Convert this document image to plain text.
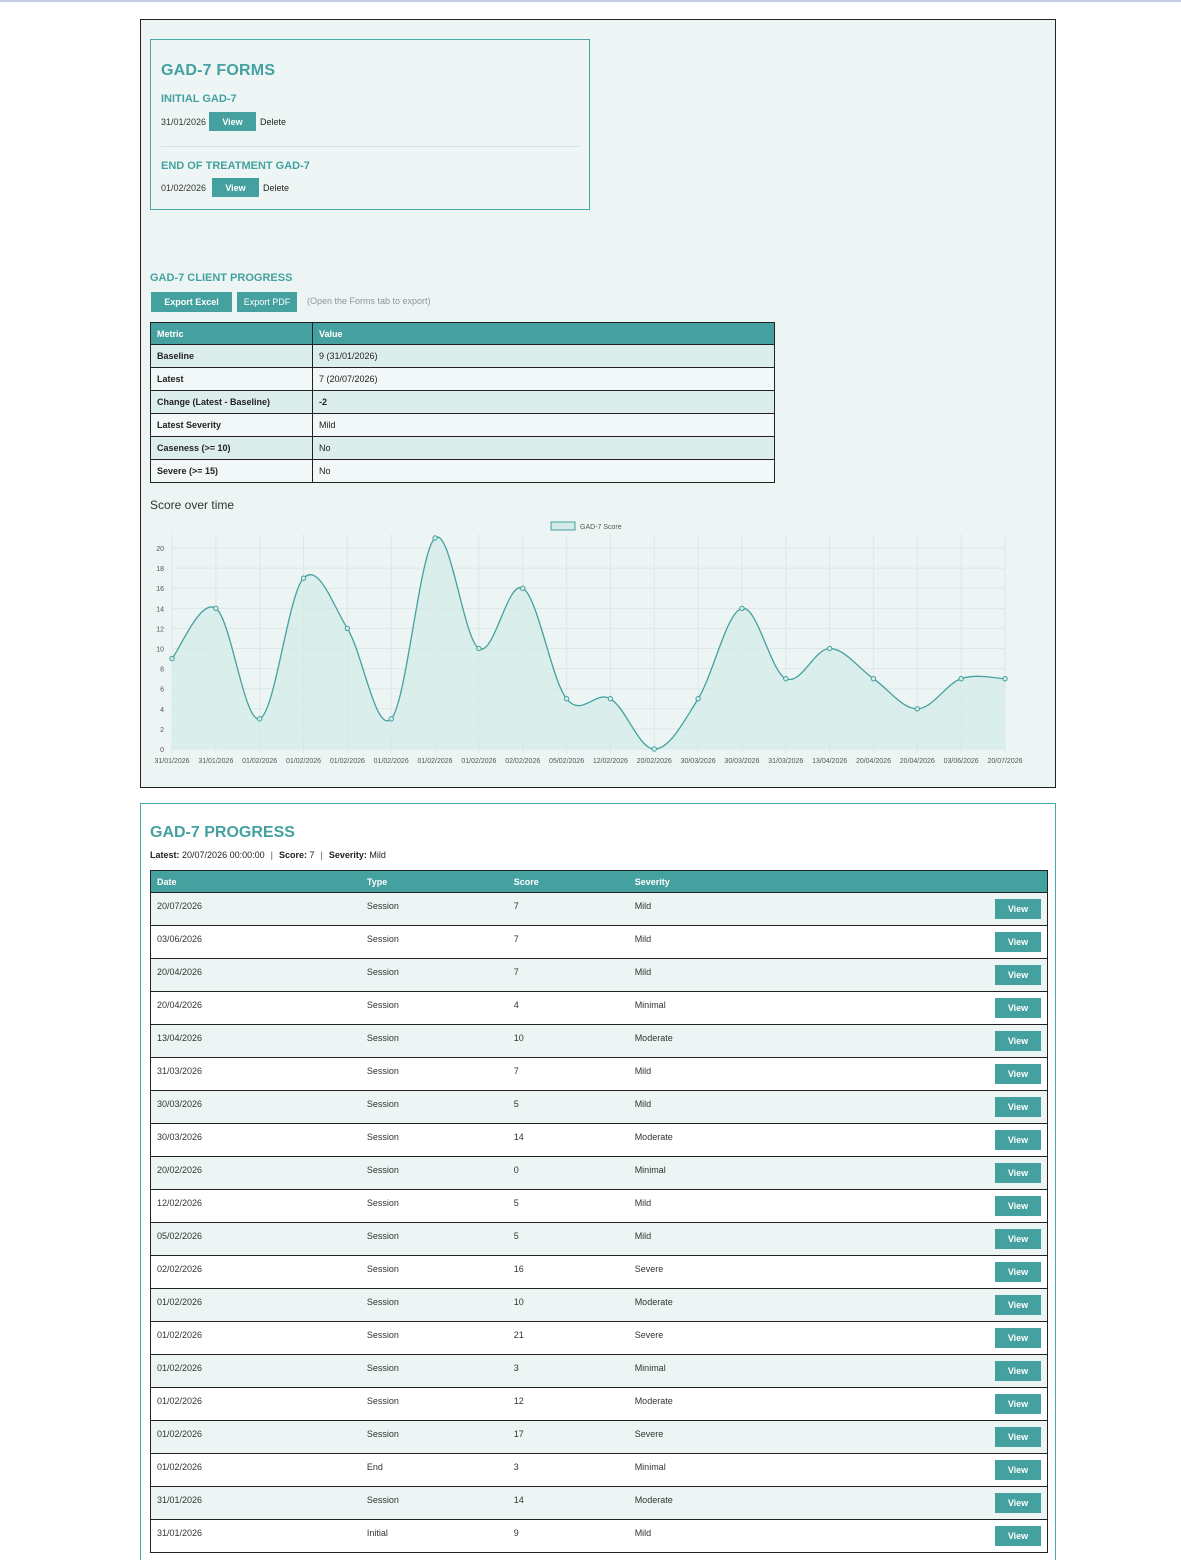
GAD-7 FORMS
INITIAL GAD-7
31/01/2026	View	Delete
END OF TREATMENT GAD-7
01/02/2026	View	Delete
GAD-7 CLIENT PROGRESS
Export Excel	Export PDF	(Open the Forms tab to export)
Metric	Value
Baseline	9 (31/01/2026)
Latest	7 (20/07/2026)
Change (Latest - Baseline)	-2
Latest Severity	Mild
Caseness (>= 10)	No
Severe (>= 15)	No
Score over time
0
2
4
6
8
10
12
14
16
18
20
31/01/2026 31/01/2026 01/02/2026 01/02/2026 01/02/2026 01/02/2026 01/02/2026 01/02/2026 02/02/2026 05/02/2026 12/02/2026 20/02/2026 30/03/2026 30/03/2026 31/03/2026 13/04/2026 20/04/2026 20/04/2026 03/06/2026 20/07/2026
GAD-7 Score
GAD-7 PROGRESS
Latest: 20/07/2026 00:00:00 | Score: 7 | Severity: Mild
Date	Type	Score	Severity	

20/07/2026	Session	7	Mild	View

03/06/2026	Session	7	Mild	View

20/04/2026	Session	7	Mild	View

20/04/2026	Session	4	Minimal	View

13/04/2026	Session	10	Moderate	View

31/03/2026	Session	7	Mild	View

30/03/2026	Session	5	Mild	View

30/03/2026	Session	14	Moderate	View

20/02/2026	Session	0	Minimal	View

12/02/2026	Session	5	Mild	View

05/02/2026	Session	5	Mild	View

02/02/2026	Session	16	Severe	View

01/02/2026	Session	10	Moderate	View

01/02/2026	Session	21	Severe	View

01/02/2026	Session	3	Minimal	View

01/02/2026	Session	12	Moderate	View

01/02/2026	Session	17	Severe	View

01/02/2026	End	3	Minimal	View

31/01/2026	Session	14	Moderate	View

31/01/2026	Initial	9	Mild	View
